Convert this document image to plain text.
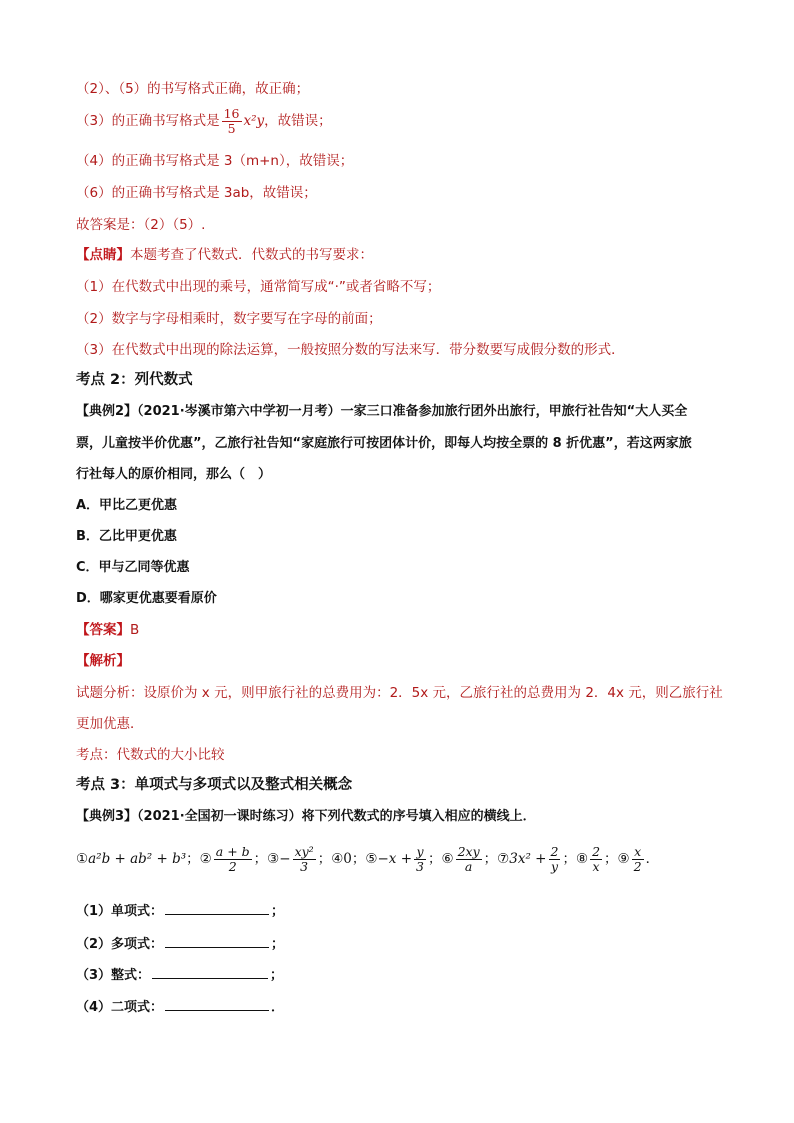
（2）、（5）的书写格式正确，故正确；
（3）的正确书写格式是 $\frac{16}{5} x^2y$，故错误；
（4）的正确书写格式是 3（m+n），故错误；
（6）的正确书写格式是 3ab，故错误；
故答案是：（2）（5）.
【点睛】本题考查了代数式．代数式的书写要求：
（1）在代数式中出现的乘号，通常简写成“·”或者省略不写；
（2）数字与字母相乘时，数字要写在字母的前面；
（3）在代数式中出现的除法运算，一般按照分数的写法来写．带分数要写成假分数的形式．
考点 2：列代数式
【典例2】（2021·岑溪市第六中学初一月考）一家三口准备参加旅行团外出旅行，甲旅行社告知“大人买全
票，儿童按半价优惠”，乙旅行社告知“家庭旅行可按团体计价，即每人均按全票的 8 折优惠”，若这两家旅
行社每人的原价相同，那么（　）
A．甲比乙更优惠
B．乙比甲更优惠
C．甲与乙同等优惠
D．哪家更优惠要看原价
【答案】B
【解析】
试题分析：设原价为 x 元，则甲旅行社的总费用为：2．5x 元，乙旅行社的总费用为 2．4x 元，则乙旅行社
更加优惠．
考点：代数式的大小比较
考点 3：单项式与多项式以及整式相关概念
【典例3】（2021·全国初一课时练习）将下列代数式的序号填入相应的横线上．
①a²b + ab² + b³；② $\frac{a + b}{2}$ ；③− $\frac{\text{xy²}}{3}$ ；④0；⑤−x + $\frac{y}{3}$ ；⑥ $\frac{2xy}{a}$ ；⑦3x² + $\frac{2}{y}$ ；⑧ $\frac{2}{x}$ ；⑨ $\frac{x}{2}$ ．
（1）单项式：	；
（2）多项式：	；
（3）整式：	；
（4）二项式：	．
